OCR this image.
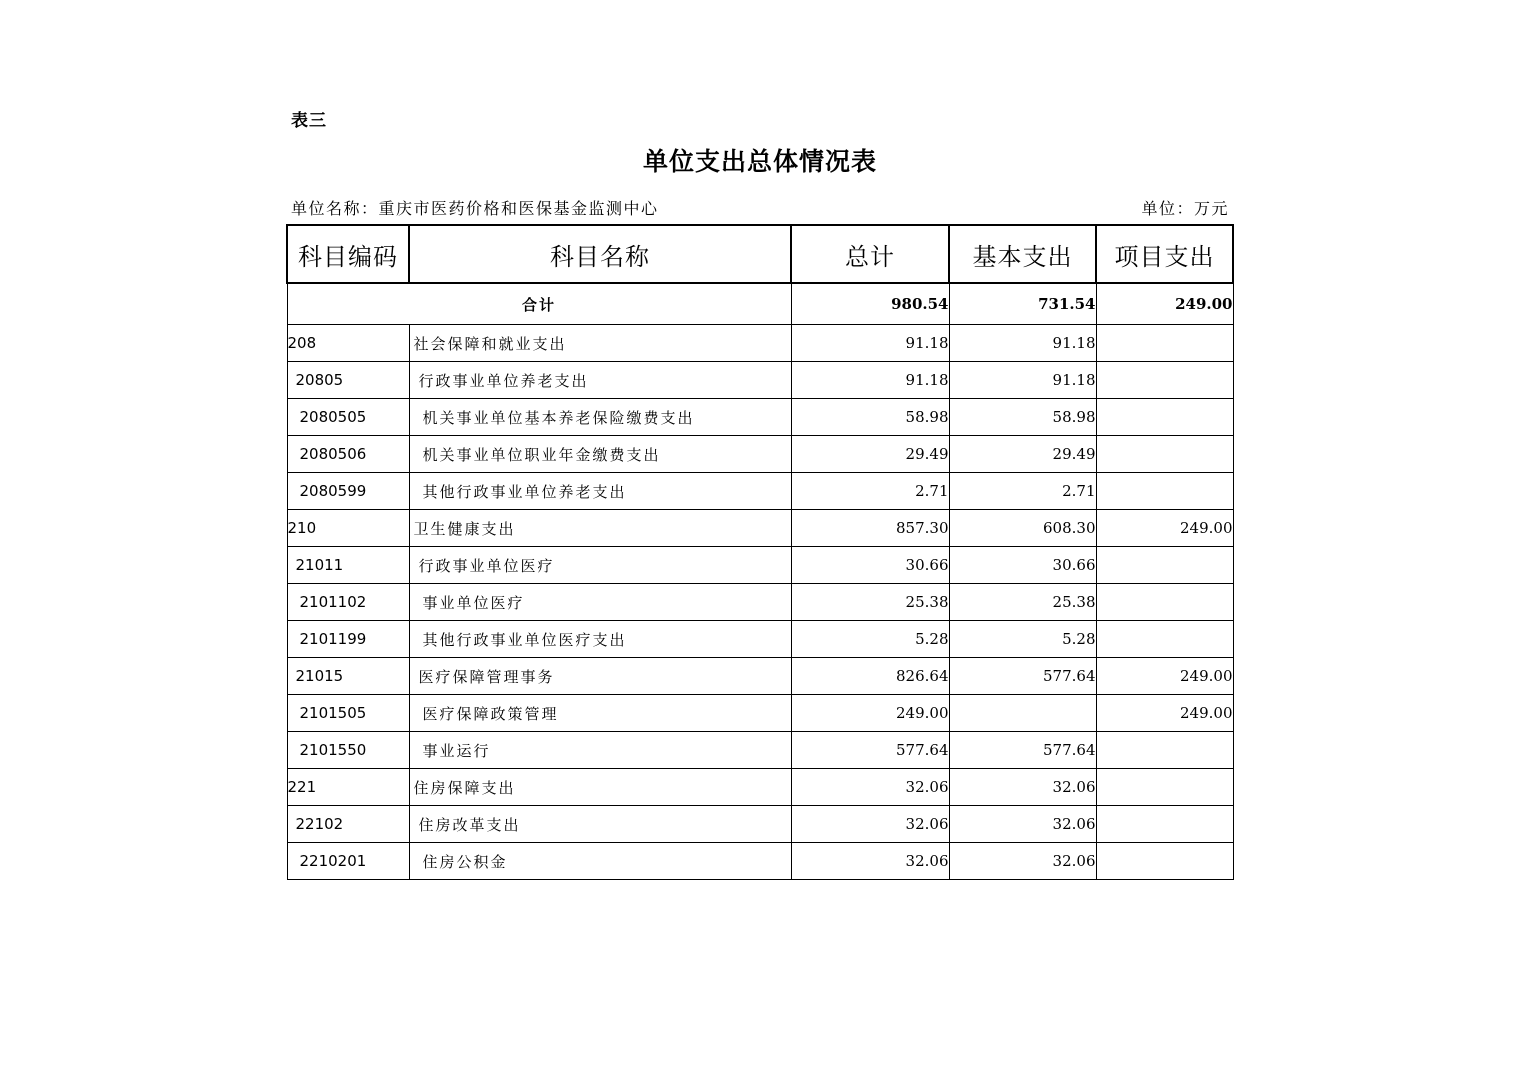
表三
单位支出总体情况表
单位名称：重庆市医药价格和医保基金监测中心	单位：万元
科目编码	科目名称	总计	基本支出	项目支出
合计		980.54	731.54	249.00
208	社会保障和就业支出	91.18	91.18	
20805	行政事业单位养老支出	91.18	91.18	
2080505	机关事业单位基本养老保险缴费支出	58.98	58.98	
2080506	机关事业单位职业年金缴费支出	29.49	29.49	
2080599	其他行政事业单位养老支出	2.71	2.71	
210	卫生健康支出	857.30	608.30	249.00
21011	行政事业单位医疗	30.66	30.66	
2101102	事业单位医疗	25.38	25.38	
2101199	其他行政事业单位医疗支出	5.28	5.28	
21015	医疗保障管理事务	826.64	577.64	249.00
2101505	医疗保障政策管理	249.00		249.00
2101550	事业运行	577.64	577.64	
221	住房保障支出	32.06	32.06	
22102	住房改革支出	32.06	32.06	
2210201	住房公积金	32.06	32.06	
